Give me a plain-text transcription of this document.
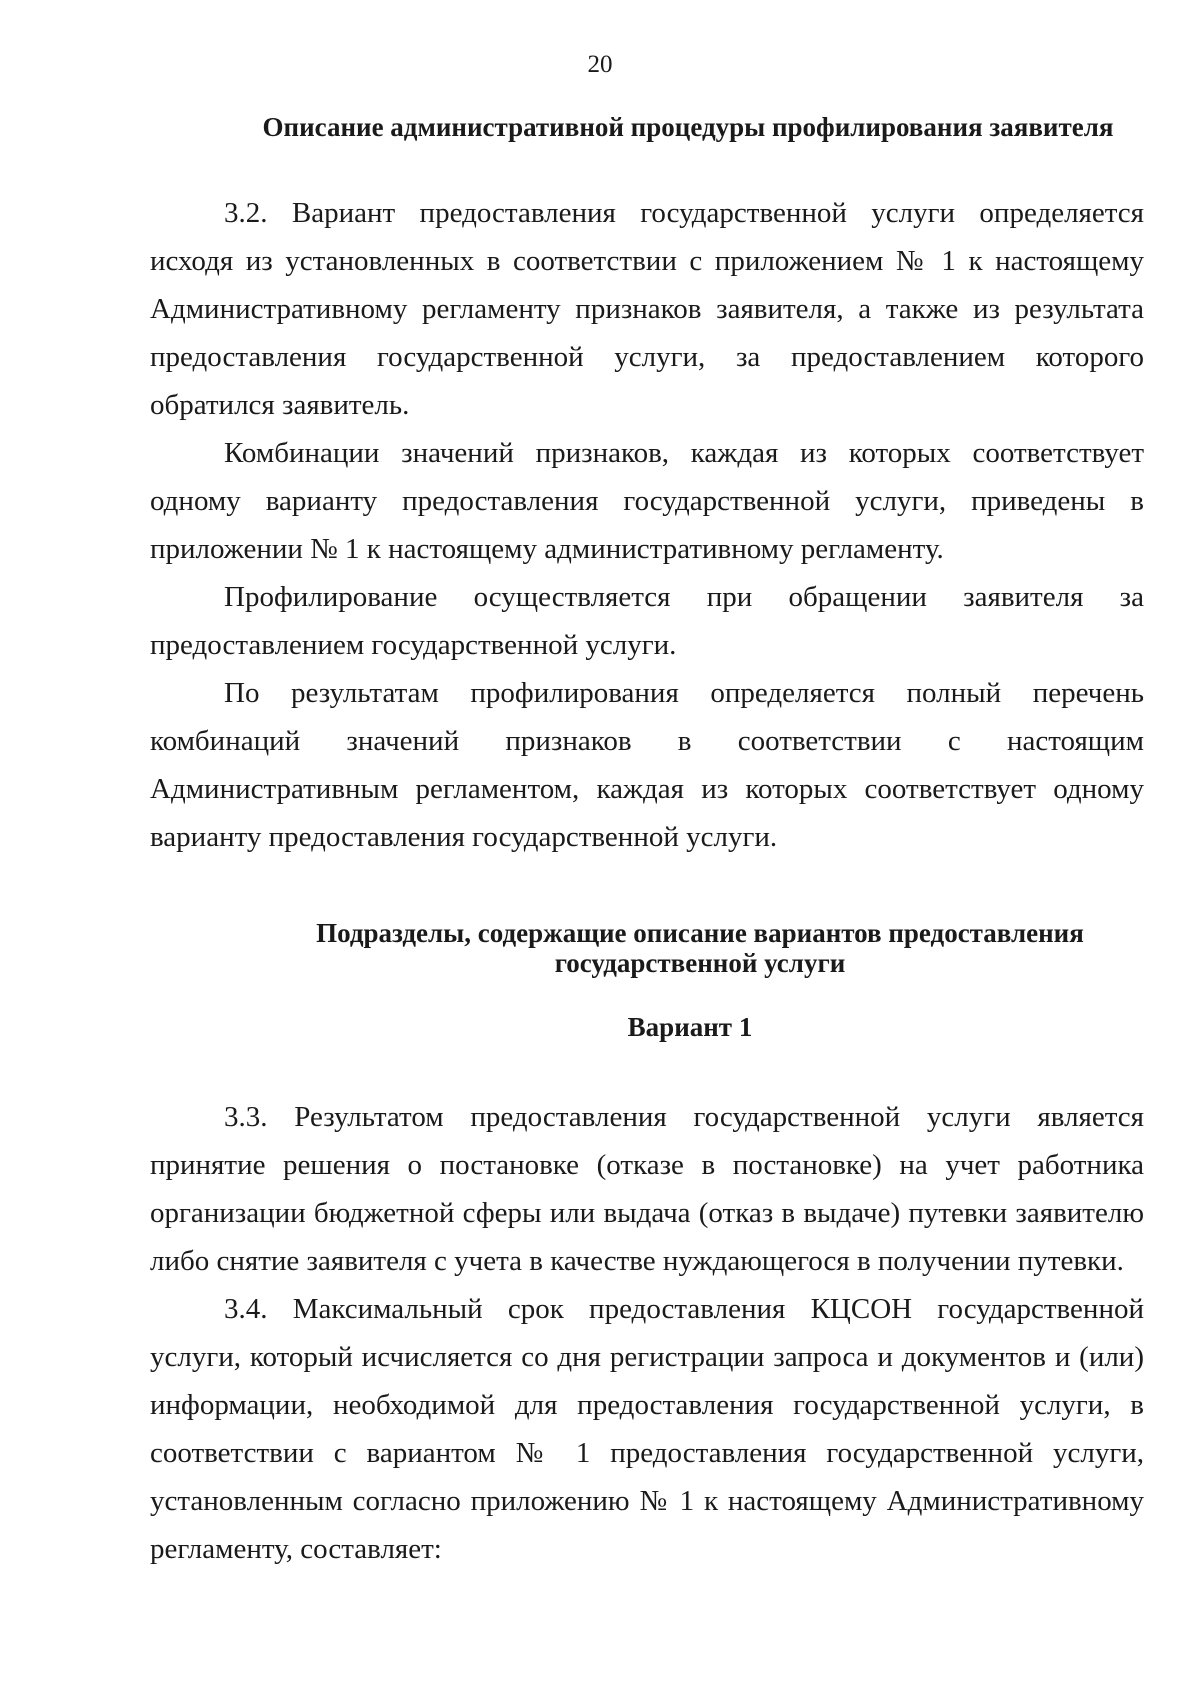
20
Описание административной процедуры профилирования заявителя

3.2. Вариант предоставления государственной услуги определяется исходя из установленных в соответствии с приложением № 1 к настоящему Административному регламенту признаков заявителя, а также из результата предоставления государственной услуги, за предоставлением которого обратился заявитель.

Комбинации значений признаков, каждая из которых соответствует одному варианту предоставления государственной услуги, приведены в приложении № 1 к настоящему административному регламенту.

Профилирование осуществляется при обращении заявителя за предоставлением государственной услуги.

По результатам профилирования определяется полный перечень комбинаций значений признаков в соответствии с настоящим Административным регламентом, каждая из которых соответствует одному варианту предоставления государственной услуги.

Подразделы, содержащие описание вариантов предоставления
государственной услуги
Вариант 1

3.3. Результатом предоставления государственной услуги является принятие решения о постановке (отказе в постановке) на учет работника организации бюджетной сферы или выдача (отказ в выдаче) путевки заявителю либо снятие заявителя с учета в качестве нуждающегося в получении путевки.

3.4. Максимальный срок предоставления КЦСОН государственной услуги, который исчисляется со дня регистрации запроса и документов и (или) информации, необходимой для предоставления государственной услуги, в соответствии с вариантом № 1 предоставления государственной услуги, установленным согласно приложению № 1 к настоящему Административному регламенту, составляет:
